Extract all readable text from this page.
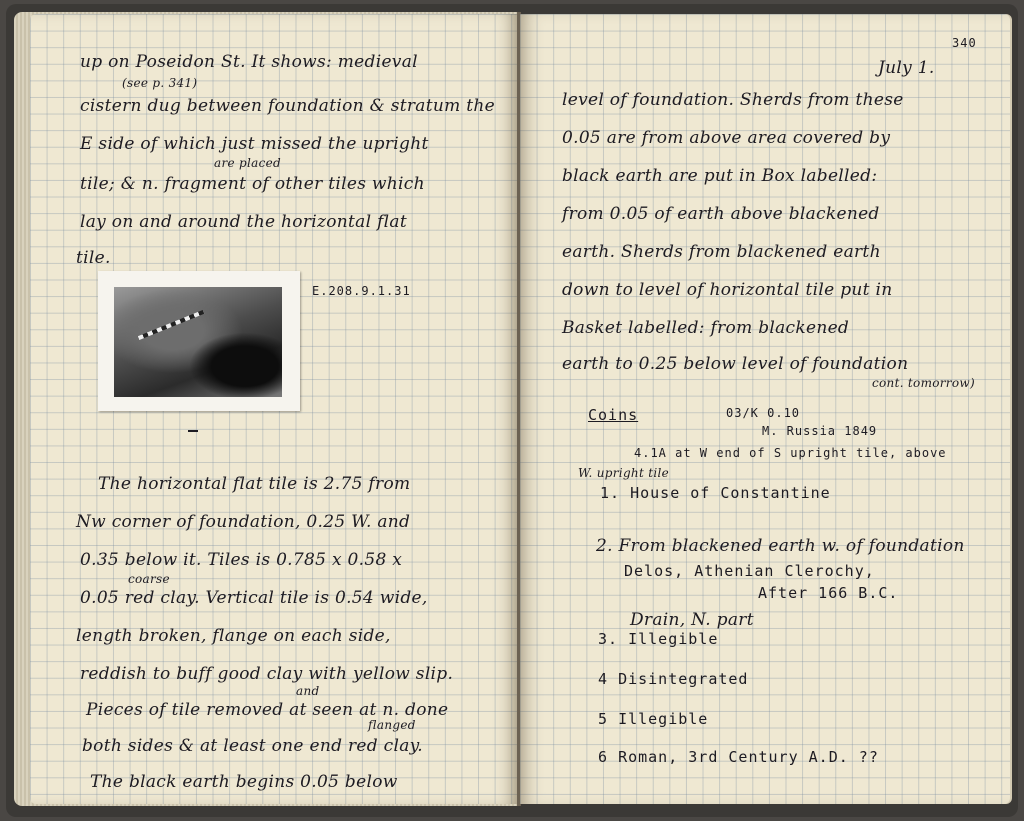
up on Poseidon St. It shows: medieval
(see p. 341)
cistern dug between foundation & stratum the
E side of which just missed the upright
are placed
tile; & n. fragment of other tiles which
lay on and around the horizontal flat
tile.
E.208.9.1.31
The horizontal flat tile is 2.75 from
Nw corner of foundation, 0.25 W. and
0.35 below it. Tiles is 0.785 x 0.58 x
coarse
0.05 red clay. Vertical tile is 0.54 wide,
length broken, flange on each side,
reddish to buff good clay with yellow slip.
and
Pieces of tile removed at seen at n. done
flanged
both sides & at least one end red clay.
The black earth begins 0.05 below
340
July 1.
level of foundation. Sherds from these
0.05 are from above area covered by
black earth are put in Box labelled:
from 0.05 of earth above blackened
earth. Sherds from blackened earth
down to level of horizontal tile put in
Basket labelled: from blackened
earth to 0.25 below level of foundation
cont. tomorrow)
Coins	03/K 0.10
M. Russia 1849
4.1A at W end of S upright tile, above
W. upright tile
1. House of Constantine
2. From blackened earth w. of foundation
Delos, Athenian Clerochy,
After 166 B.C.
Drain, N. part
3. Illegible
4 Disintegrated
5 Illegible
6 Roman, 3rd Century A.D. ??
